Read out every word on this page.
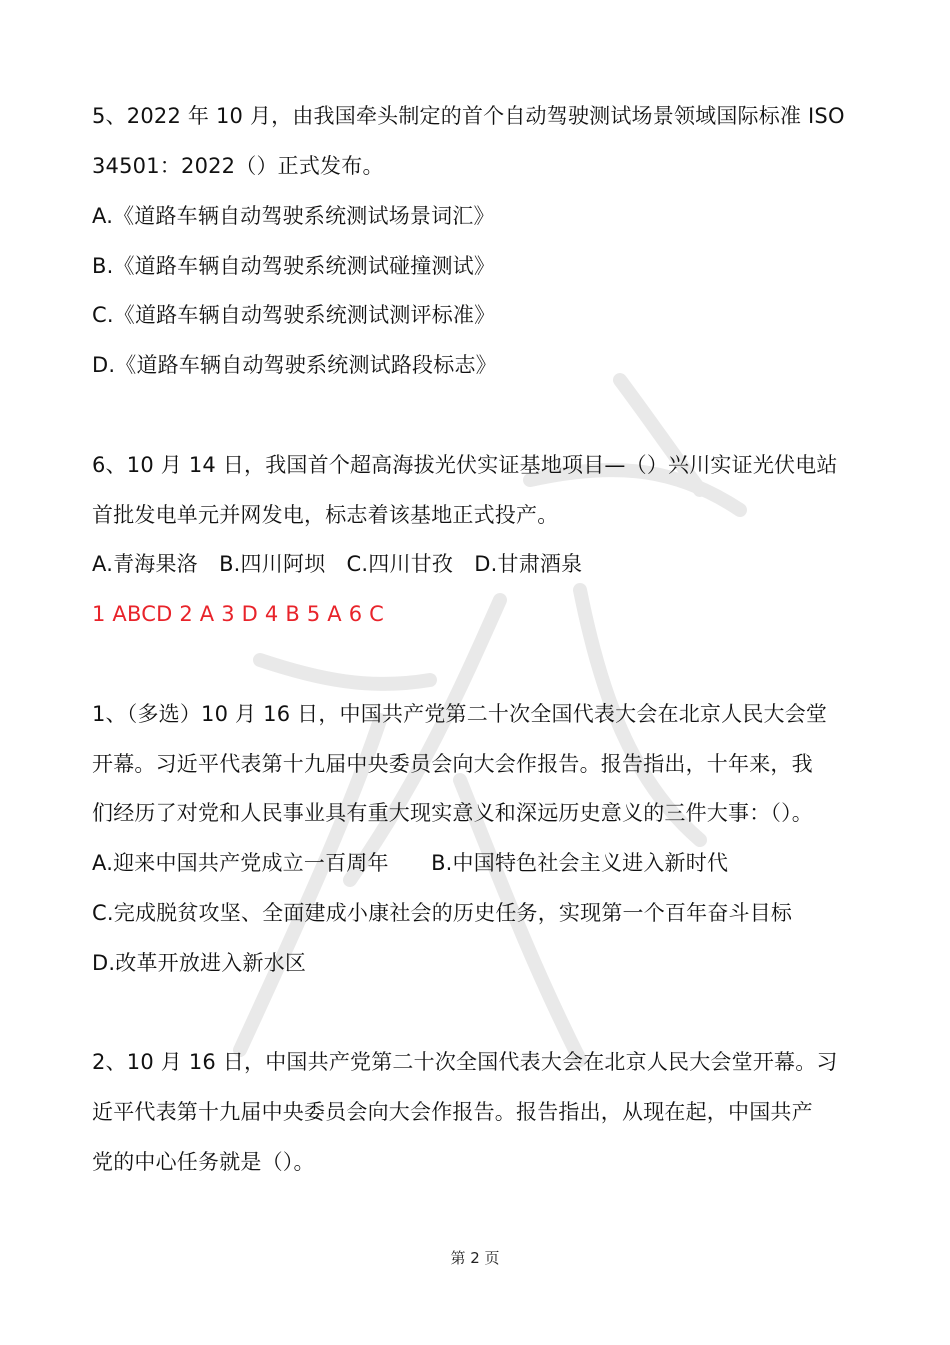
5、2022 年 10 月，由我国牵头制定的首个自动驾驶测试场景领域国际标准 ISO
34501：2022（）正式发布。
A.《道路车辆自动驾驶系统测试场景词汇》
B.《道路车辆自动驾驶系统测试碰撞测试》
C.《道路车辆自动驾驶系统测试测评标准》
D.《道路车辆自动驾驶系统测试路段标志》
6、10 月 14 日，我国首个超高海拔光伏实证基地项目—（）兴川实证光伏电站
首批发电单元并网发电，标志着该基地正式投产。
A.青海果洛　B.四川阿坝　C.四川甘孜　D.甘肃酒泉
1 ABCD 2 A 3 D 4 B 5 A 6 C
1、（多选）10 月 16 日，中国共产党第二十次全国代表大会在北京人民大会堂
开幕。习近平代表第十九届中央委员会向大会作报告。报告指出，十年来，我
们经历了对党和人民事业具有重大现实意义和深远历史意义的三件大事：（）。
A.迎来中国共产党成立一百周年　　B.中国特色社会主义进入新时代
C.完成脱贫攻坚、全面建成小康社会的历史任务，实现第一个百年奋斗目标
D.改革开放进入新水区
2、10 月 16 日，中国共产党第二十次全国代表大会在北京人民大会堂开幕。习
近平代表第十九届中央委员会向大会作报告。报告指出，从现在起，中国共产
党的中心任务就是（）。
第 2 页
